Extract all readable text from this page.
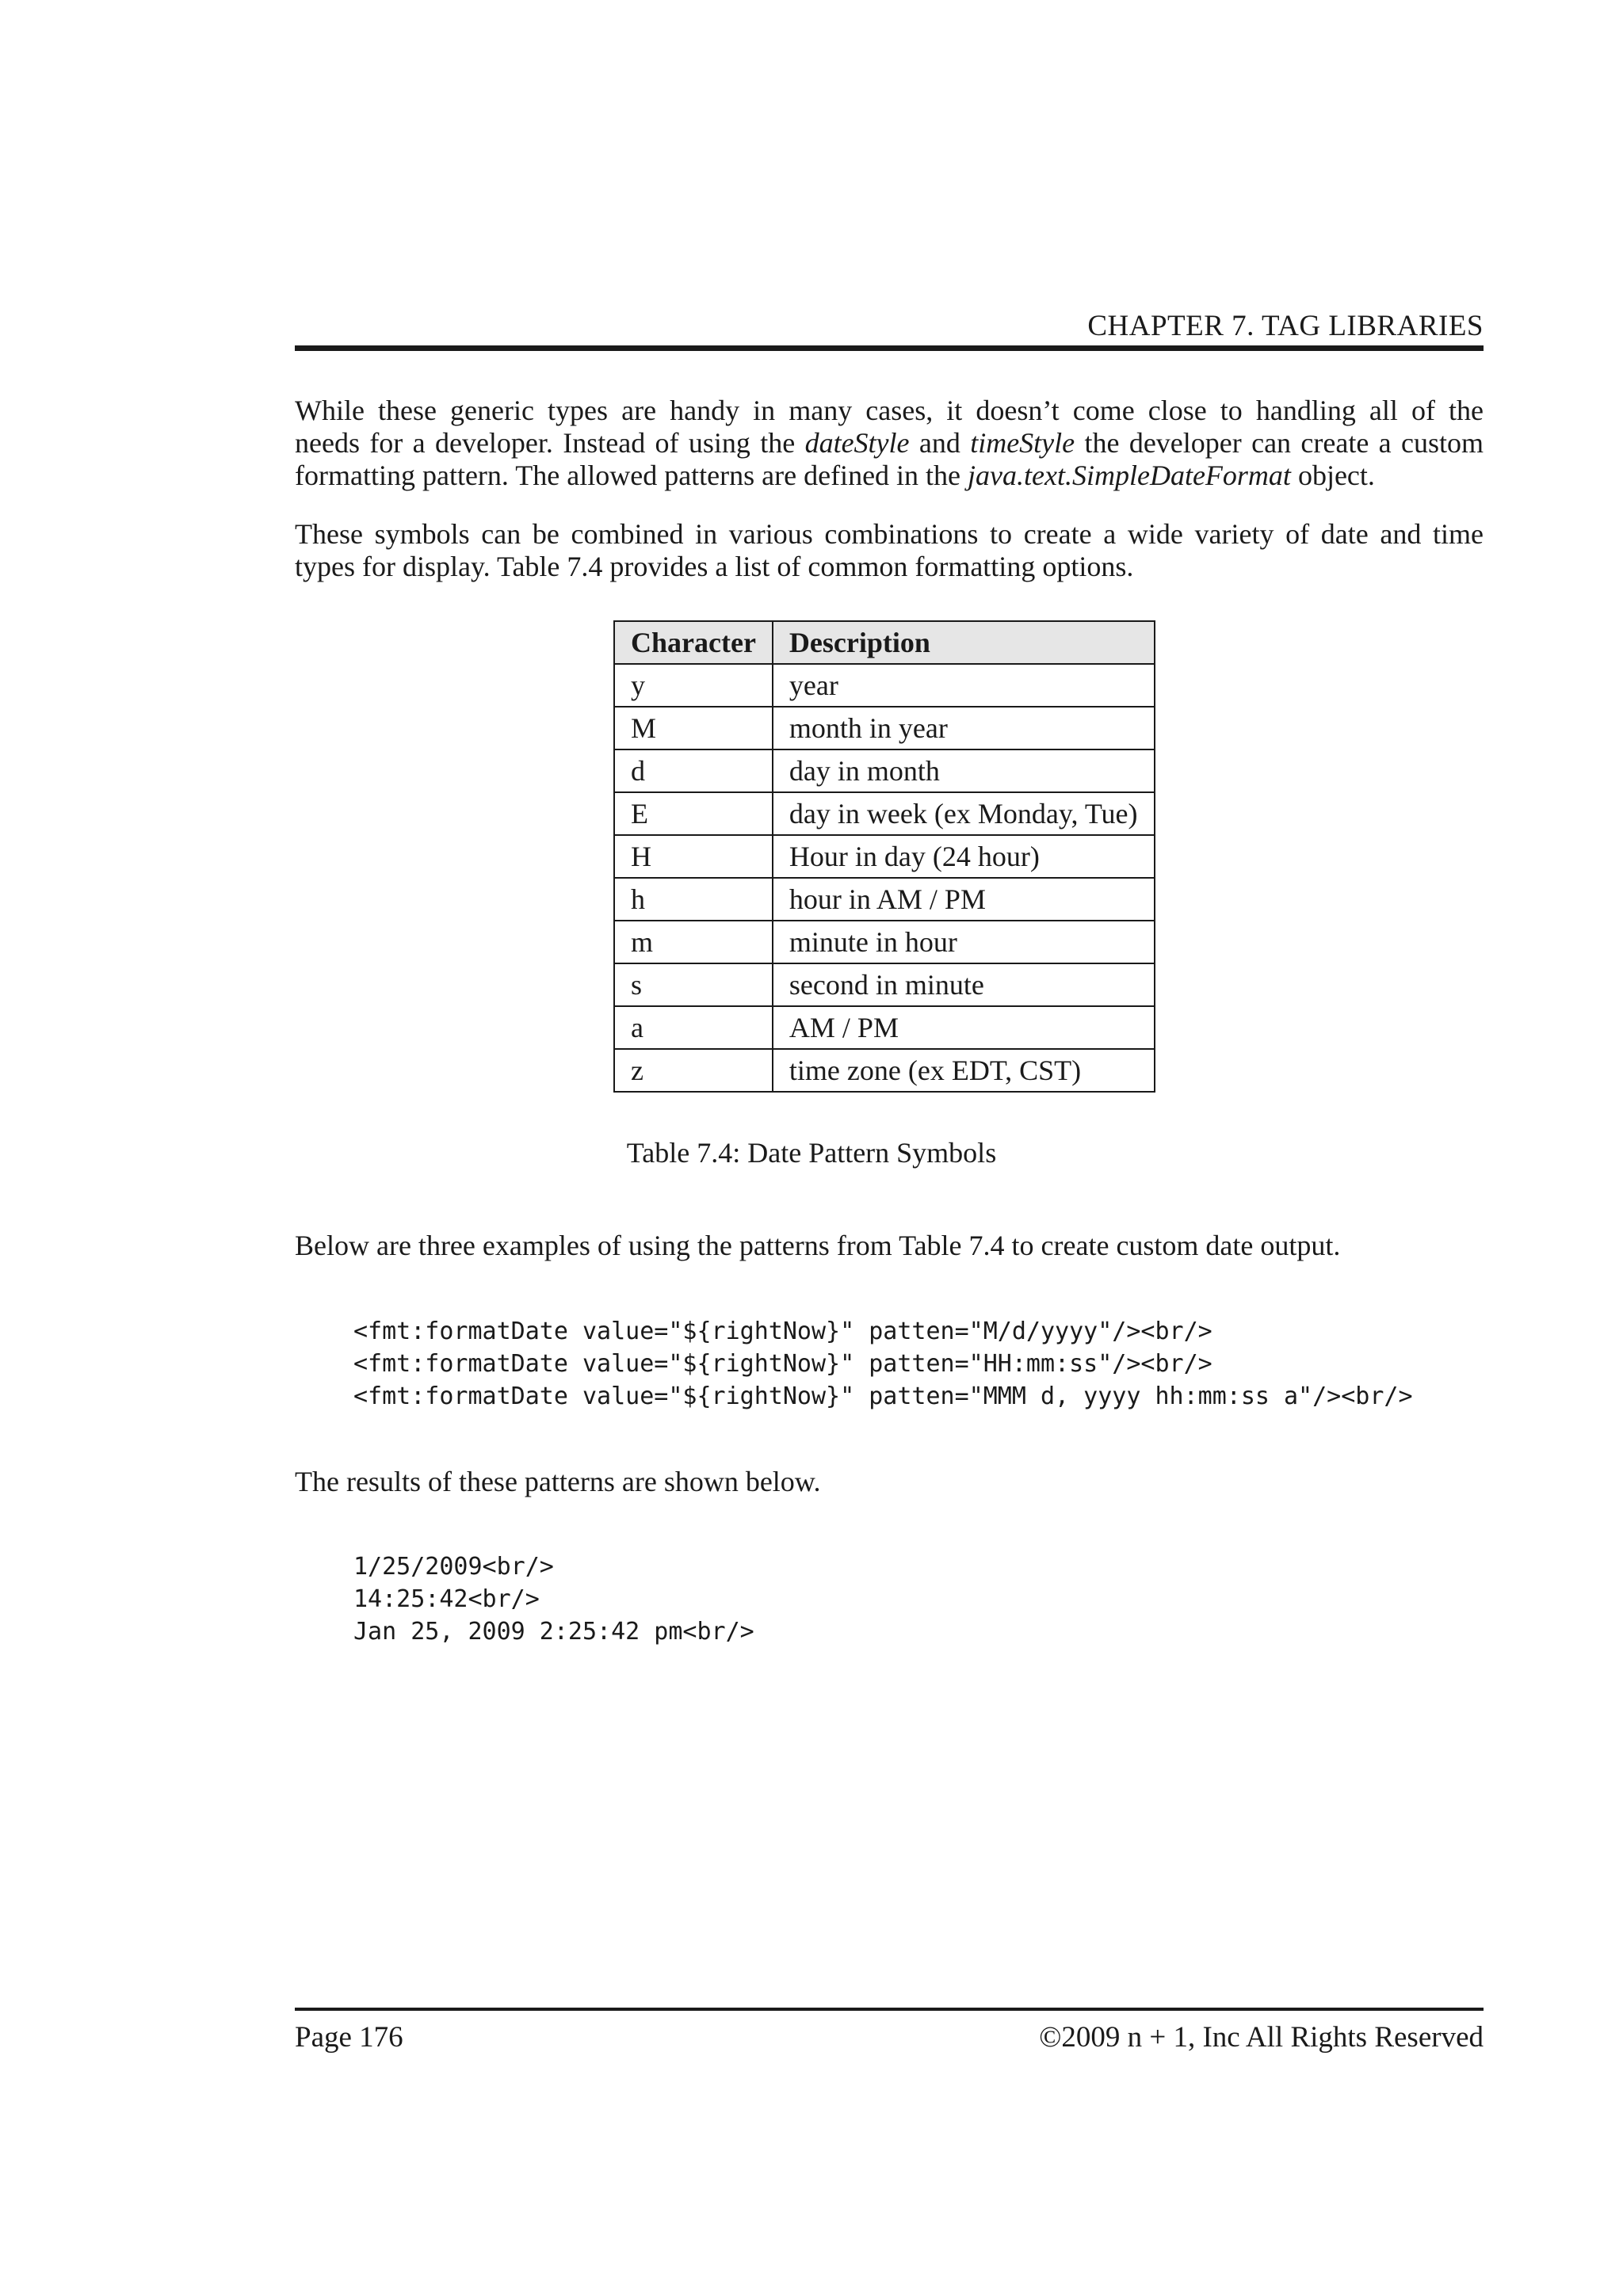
CHAPTER 7. TAG LIBRARIES

While these generic types are handy in many cases, it doesn’t come close to handling all of the
needs for a developer. Instead of using the dateStyle and timeStyle the developer can create a custom
formatting pattern. The allowed patterns are defined in the java.text.SimpleDateFormat object.

These symbols can be combined in various combinations to create a wide variety of date and time
types for display. Table 7.4 provides a list of common formatting options.

Character	Description
y	year
M	month in year
d	day in month
E	day in week (ex Monday, Tue)
H	Hour in day (24 hour)
h	hour in AM / PM
m	minute in hour
s	second in minute
a	AM / PM
z	time zone (ex EDT, CST)
Table 7.4: Date Pattern Symbols

Below are three examples of using the patterns from Table 7.4 to create custom date output.

<fmt:formatDate value="${rightNow}" patten="M/d/yyyy"/><br/>
<fmt:formatDate value="${rightNow}" patten="HH:mm:ss"/><br/>
<fmt:formatDate value="${rightNow}" patten="MMM d, yyyy hh:mm:ss a"/><br/>

The results of these patterns are shown below.

1/25/2009<br/>
14:25:42<br/>
Jan 25, 2009 2:25:42 pm<br/>
Page 176	©2009 n + 1, Inc All Rights Reserved
